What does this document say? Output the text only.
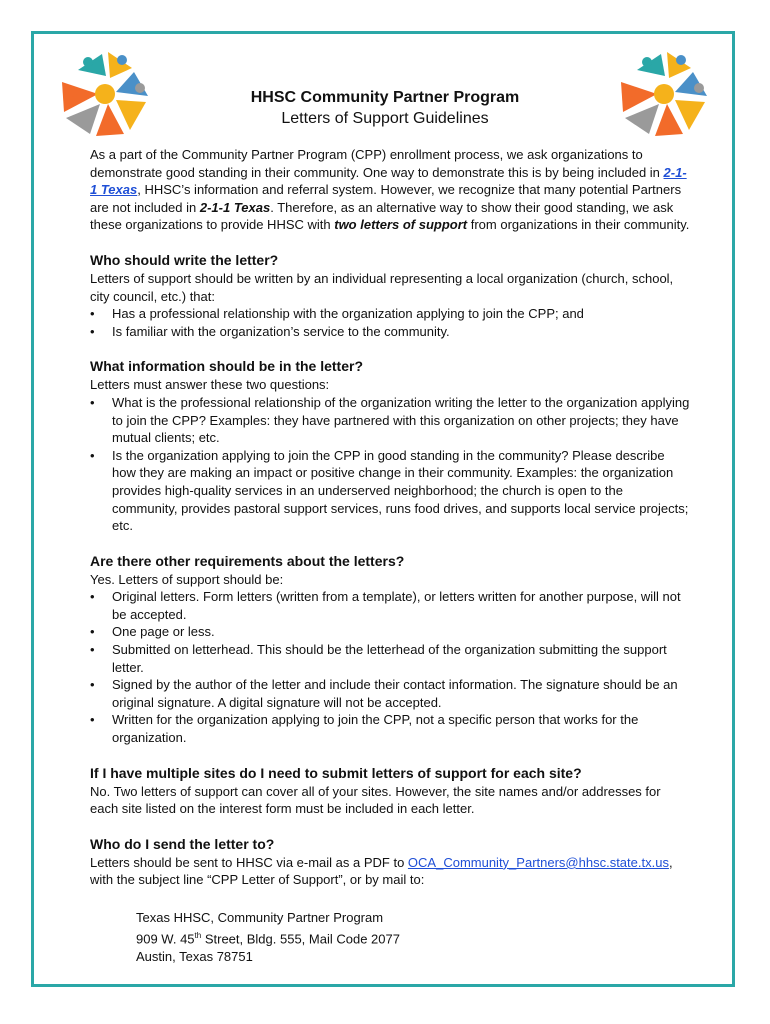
HHSC Community Partner Program
Letters of Support Guidelines

As a part of the Community Partner Program (CPP) enrollment process, we ask organizations to demonstrate good standing in their community. One way to demonstrate this is by being included in 2-1-1 Texas, HHSC’s information and referral system. However, we recognize that many potential Partners are not included in 2-1-1 Texas. Therefore, as an alternative way to show their good standing, we ask these organizations to provide HHSC with two letters of support from organizations in their community.

Who should write the letter?

Letters of support should be written by an individual representing a local organization (church, school, city council, etc.) that:

• Has a professional relationship with the organization applying to join the CPP; and
• Is familiar with the organization’s service to the community.
What information should be in the letter?

Letters must answer these two questions:

• What is the professional relationship of the organization writing the letter to the organization applying to join the CPP? Examples: they have partnered with this organization on other projects; they have mutual clients; etc.
• Is the organization applying to join the CPP in good standing in the community? Please describe how they are making an impact or positive change in their community. Examples: the organization provides high-quality services in an underserved neighborhood; the church is open to the community, provides pastoral support services, runs food drives, and supports local service projects; etc.
Are there other requirements about the letters?

Yes. Letters of support should be:

• Original letters. Form letters (written from a template), or letters written for another purpose, will not be accepted.
• One page or less.
• Submitted on letterhead. This should be the letterhead of the organization submitting the support letter.
• Signed by the author of the letter and include their contact information. The signature should be an original signature. A digital signature will not be accepted.
• Written for the organization applying to join the CPP, not a specific person that works for the organization.
If I have multiple sites do I need to submit letters of support for each site?

No. Two letters of support can cover all of your sites. However, the site names and/or addresses for each site listed on the interest form must be included in each letter.

Who do I send the letter to?

Letters should be sent to HHSC via e-mail as a PDF to OCA_Community_Partners@hhsc.state.tx.us, with the subject line “CPP Letter of Support”, or by mail to:

Texas HHSC, Community Partner Program
909 W. 45th Street, Bldg. 555, Mail Code 2077
Austin, Texas 78751
